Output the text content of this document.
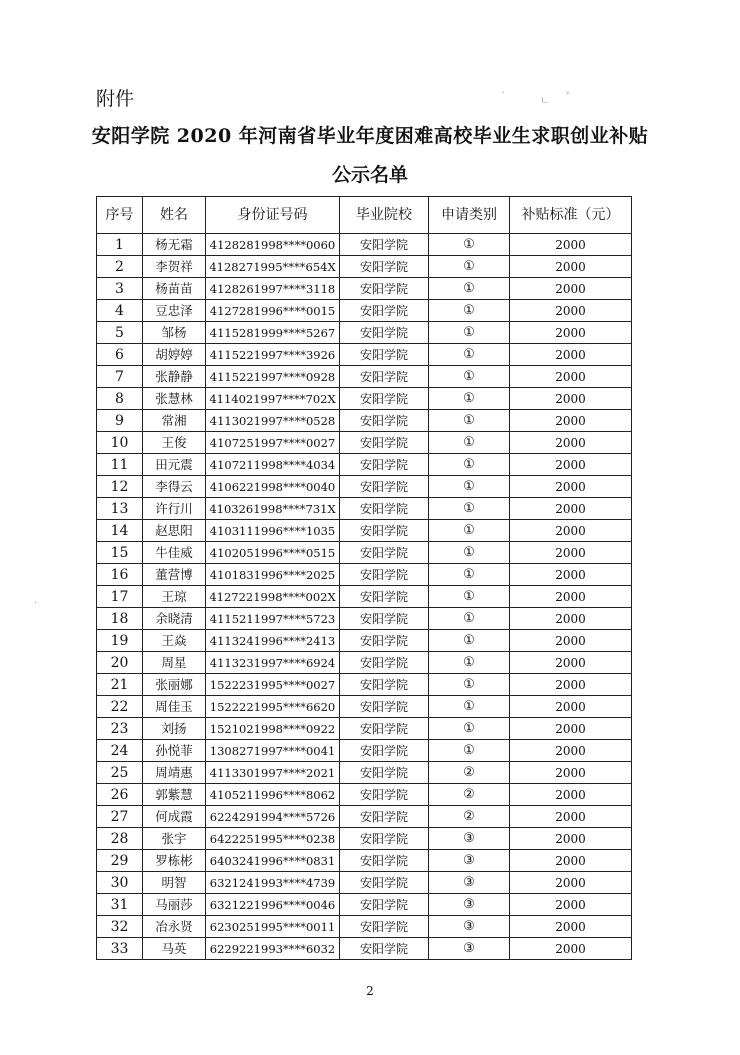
附件
安阳学院 2020 年河南省毕业年度困难高校毕业生求职创业补贴
公示名单
序号	姓名	身份证号码	毕业院校	申请类别	补贴标准（元）
1	杨无霜	4128281998****0060	安阳学院	①	2000
2	李贺祥	4128271995****654X	安阳学院	①	2000
3	杨苗苗	4128261997****3118	安阳学院	①	2000
4	豆忠泽	4127281996****0015	安阳学院	①	2000
5	邹杨	4115281999****5267	安阳学院	①	2000
6	胡婷婷	4115221997****3926	安阳学院	①	2000
7	张静静	4115221997****0928	安阳学院	①	2000
8	张慧林	4114021997****702X	安阳学院	①	2000
9	常湘	4113021997****0528	安阳学院	①	2000
10	王俊	4107251997****0027	安阳学院	①	2000
11	田元震	4107211998****4034	安阳学院	①	2000
12	李得云	4106221998****0040	安阳学院	①	2000
13	许行川	4103261998****731X	安阳学院	①	2000
14	赵思阳	4103111996****1035	安阳学院	①	2000
15	牛佳威	4102051996****0515	安阳学院	①	2000
16	董营博	4101831996****2025	安阳学院	①	2000
17	王琼	4127221998****002X	安阳学院	①	2000
18	余晓清	4115211997****5723	安阳学院	①	2000
19	王焱	4113241996****2413	安阳学院	①	2000
20	周星	4113231997****6924	安阳学院	①	2000
21	张丽娜	1522231995****0027	安阳学院	①	2000
22	周佳玉	1522221995****6620	安阳学院	①	2000
23	刘扬	1521021998****0922	安阳学院	①	2000
24	孙悦菲	1308271997****0041	安阳学院	①	2000
25	周靖惠	4113301997****2021	安阳学院	②	2000
26	郭紫慧	4105211996****8062	安阳学院	②	2000
27	何成霞	6224291994****5726	安阳学院	②	2000
28	张宇	6422251995****0238	安阳学院	③	2000
29	罗栋彬	6403241996****0831	安阳学院	③	2000
30	明智	6321241993****4739	安阳学院	③	2000
31	马丽莎	6321221996****0046	安阳学院	③	2000
32	冶永贤	6230251995****0011	安阳学院	③	2000
33	马英	6229221993****6032	安阳学院	③	2000
2
ˊ	ㄴ
ᵛ
·
